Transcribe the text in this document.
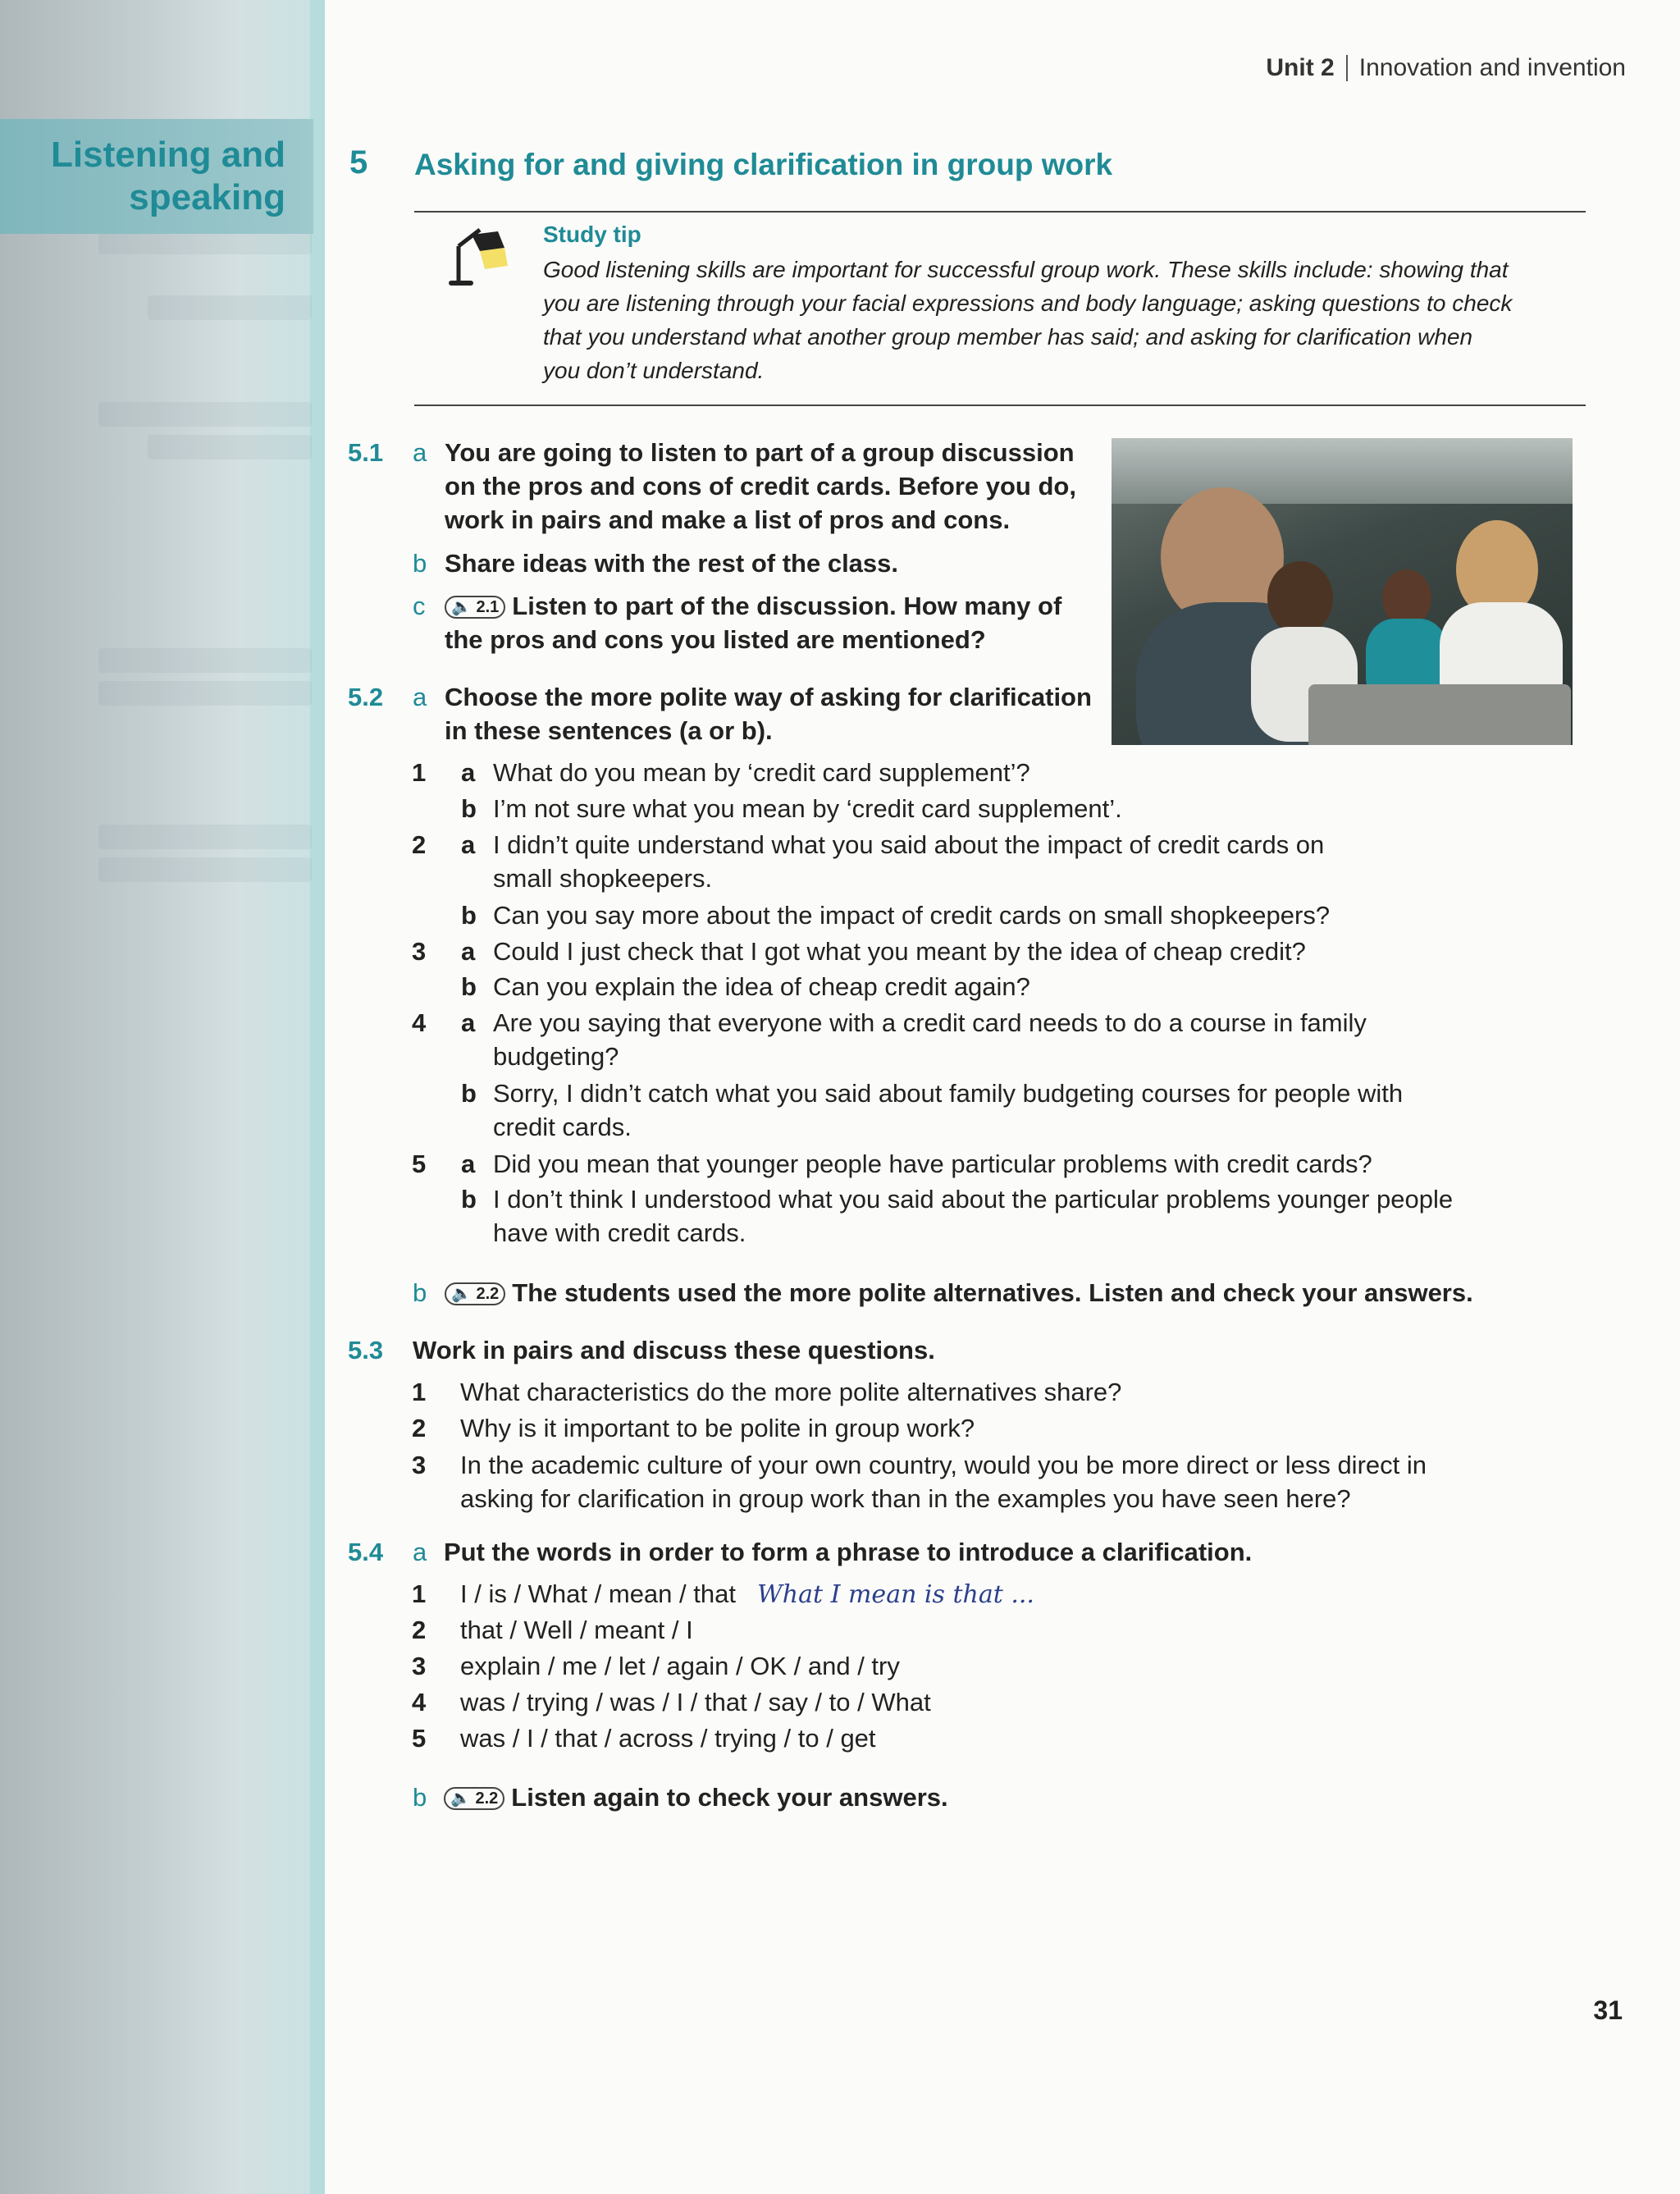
Listening and
speaking
Unit 2 Innovation and invention
5 Asking for and giving clarification in group work
Study tip
Good listening skills are important for successful group work. These skills include: showing that
you are listening through your facial expressions and body language; asking questions to check
that you understand what another group member has said; and asking for clarification when
you don’t understand.
5.1 a You are going to listen to part of a group discussion
on the pros and cons of credit cards. Before you do,
work in pairs and make a list of pros and cons.
b Share ideas with the rest of the class.
c	🔈 2.1 Listen to part of the discussion. How many of
the pros and cons you listed are mentioned?
5.2 a Choose the more polite way of asking for clarification
in these sentences (a or b).
1 a What do you mean by ‘credit card supplement’?
b I’m not sure what you mean by ‘credit card supplement’.
2 a I didn’t quite understand what you said about the impact of credit cards on
small shopkeepers.
b Can you say more about the impact of credit cards on small shopkeepers?
3 a Could I just check that I got what you meant by the idea of cheap credit?
b Can you explain the idea of cheap credit again?
4 a Are you saying that everyone with a credit card needs to do a course in family
budgeting?
b Sorry, I didn’t catch what you said about family budgeting courses for people with
credit cards.
5 a Did you mean that younger people have particular problems with credit cards?
b I don’t think I understood what you said about the particular problems younger people
have with credit cards.
b	🔈 2.2 The students used the more polite alternatives. Listen and check your answers.
5.3 Work in pairs and discuss these questions.
1 What characteristics do the more polite alternatives share?
2 Why is it important to be polite in group work?
3 In the academic culture of your own country, would you be more direct or less direct in
asking for clarification in group work than in the examples you have seen here?
5.4 a Put the words in order to form a phrase to introduce a clarification.
1 I / is / What / mean / that What I mean is that ...
2 that / Well / meant / I
3 explain / me / let / again / OK / and / try
4 was / trying / was / I / that / say / to / What
5 was / I / that / across / trying / to / get
b	🔈 2.2 Listen again to check your answers.
31
